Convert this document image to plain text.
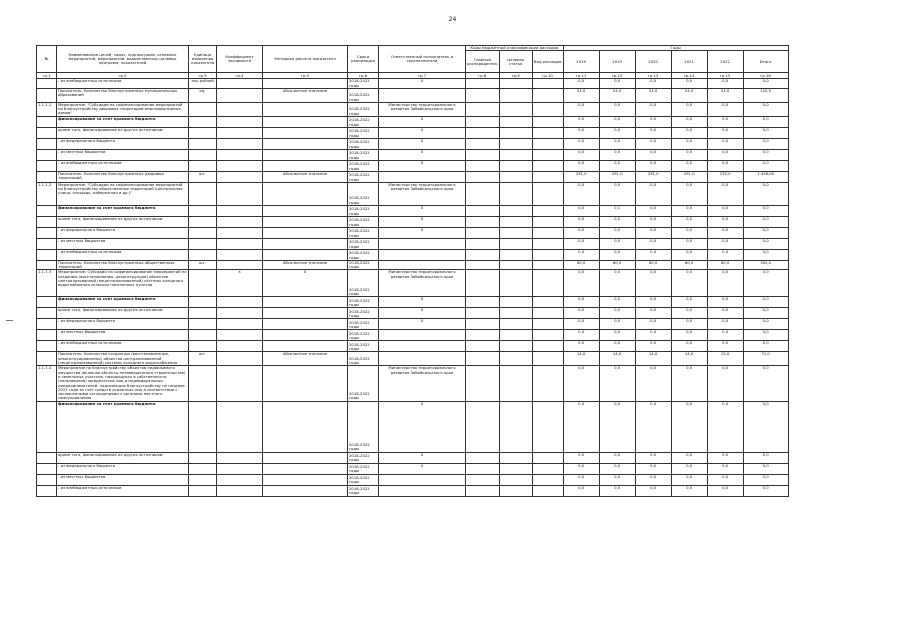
24
№	Наименование целей, задач, подпрограмм, основных мероприятий, мероприятий, ведомственных целевых программ, показателей	Единица измерения показателя	Коэффициент значимости	Методика расчета показателя	Сроки реализации	Ответственный исполнитель и соисполнители	Коды бюджетной классификации расходов			Годы					
							Главный распорядитель	Целевая статья	Вид расходов	2019	2019	2020	2021	2022	Итого
гр.1	гр.2	гр.3	гр.4	гр.5	гр.6	гр.7	гр.8	гр.9	гр.10	гр.11	гр.12	гр.13	гр.14	гр.15	гр.16
	- из внебюджетных источников	тыс.рублей			2018-2022 годы	X				0,0	0,0	0,0	0,0	0,0	0,0
	Показатель: Количество благоустроенных муниципальных образований	ед.		Абсолютное значение	2018-2022 годы					24,0	24,0	24,0	24,0	24,0	120,0
1.1.1.1	Мероприятие: "Субсидии на софинансирование мероприятий по благоустройству дворовых территорий многоквартирных домов"				2018-2022 годы	Министерство территориального развития Забайкальского края				0,0	0,0	0,0	0,0	0,0	0,0
	финансирование за счет краевого бюджета				2018-2022 годы	X				0,0	0,0	0,0	0,0	0,0	0,0
	кроме того, финансирование из других источников:				2018-2022 годы	X				0,0	0,0	0,0	0,0	0,0	0,0
	- из федерального бюджета				2018-2022 годы	X				0,0	0,0	0,0	0,0	0,0	0,0
	- из местных бюджетов				2018-2022 годы	X				0,0	0,0	0,0	0,0	0,0	0,0
	- из внебюджетных источников				2018-2022 годы	X				0,0	0,0	0,0	0,0	0,0	0,0
	Показатель: Количество благоустроенных дворовых территорий	шт.		Абсолютное значение	2018-2022 годы					291,0	291,0	291,0	291,0	270,0	1 458,00
1.1.1.2	Мероприятие: "Субсидии на софинансирование мероприятий по благоустройству общественных территорий (центральная улица, площадь, набережная и др.)"				2018-2022 годы	Министерство территориального развития Забайкальского края				0,0	0,0	0,0	0,0	0,0	0,0
	финансирование за счет краевого бюджета				2018-2022 годы	X				0,0	0,1	0,0	0,0	0,0	0,0
	кроме того, финансирование из других источников:				2018-2022 годы	X				0,0	0,0	0,0	0,0	0,0	0,0
	- из федерального бюджета				2018-2022 годы	X				0,0	0,0	0,0	0,0	0,0	0,0
	- из местных бюджетов				2018-2022 годы					0,0	0,0	0,0	0,0	0,0	0,0
	- из внебюджетных источников				2018-2022 годы					0,0	0,0	0,0	0,0	0,0	0,0
	Показатель: Количество благоустроенных общественных территорий	шт.		Абсолютное значение	2018-2022 годы					60,0	60,0	60,0	60,0	60,0	300,0
1.1.1.3	Мероприятие: Субсидии на софинансирование мероприятий по созданию (восстановлению, реконструкции) объектов централизованной (нецентрализованной) системы холодного водоснабжения сельских населенных пунктов		X	X	2018-2022 годы	Министерство территориального развития Забайкальского края				0,0	0,0	0,0	0,0	0,0	0,0
	финансирование за счет краевого бюджета				2018-2022 годы	X				0,0	0,0	0,0	0,0	0,0	0,0
	кроме того, финансирование из других источников:				2018-2022 годы	X				0,0	0,0	0,0	0,0	0,0	0,0
	- из федерального бюджета				2018-2022 годы	X				0,0	0,0	0,0	0,0	0,0	0,0
	- из местных бюджетов				2018-2022 годы					0,0	0,0	0,0	0,0	0,0	0,0
	- из внебюджетных источников				2018-2022 годы					0,0	0,0	0,0	0,0	0,0	0,0
	Показатель: Количество созданных (восстановленных, реконструированных) объектов централизованной (нецентрализованной) системы холодного водоснабжения	шт.		Абсолютное значение	2018-2022 годы					14,0	14,0	14,0	14,0	15,0	71,0
1.1.1.4	Мероприятие по благоустройству объектов недвижимого имущества (включая объекты незавершенного строительства) и земельных участков, находящихся в собственности (пользовании) юридических лиц и индивидуальных предпринимателей, подлежащих благоустройству не позднее 2022 года за счет средств указанных лиц в соответствии с заключенными соглашениями с органами местного самоуправления				2018-2022 годы	Министерство территориального развития Забайкальского края				0,0	0,0	0,0	0,0	0,0	0,0
	финансирование за счет краевого бюджета				2018-2022 годы	X				0,0	0,0	0,0	0,0	0,0	0,0
	кроме того, финансирование из других источников:				2018-2022 годы	X				0,0	0,0	0,0	0,0	0,0	0,0
	- из федерального бюджета				2018-2022 годы	X				0,0	0,0	0,0	0,0	0,0	0,0
	- из местных бюджетов				2018-2022 годы					0,0	0,0	0,0	0,0	0,0	0,0
	- из внебюджетных источников				2018-2022 годы					0,0	0,0	0,0	0,0	0,0	0,0
